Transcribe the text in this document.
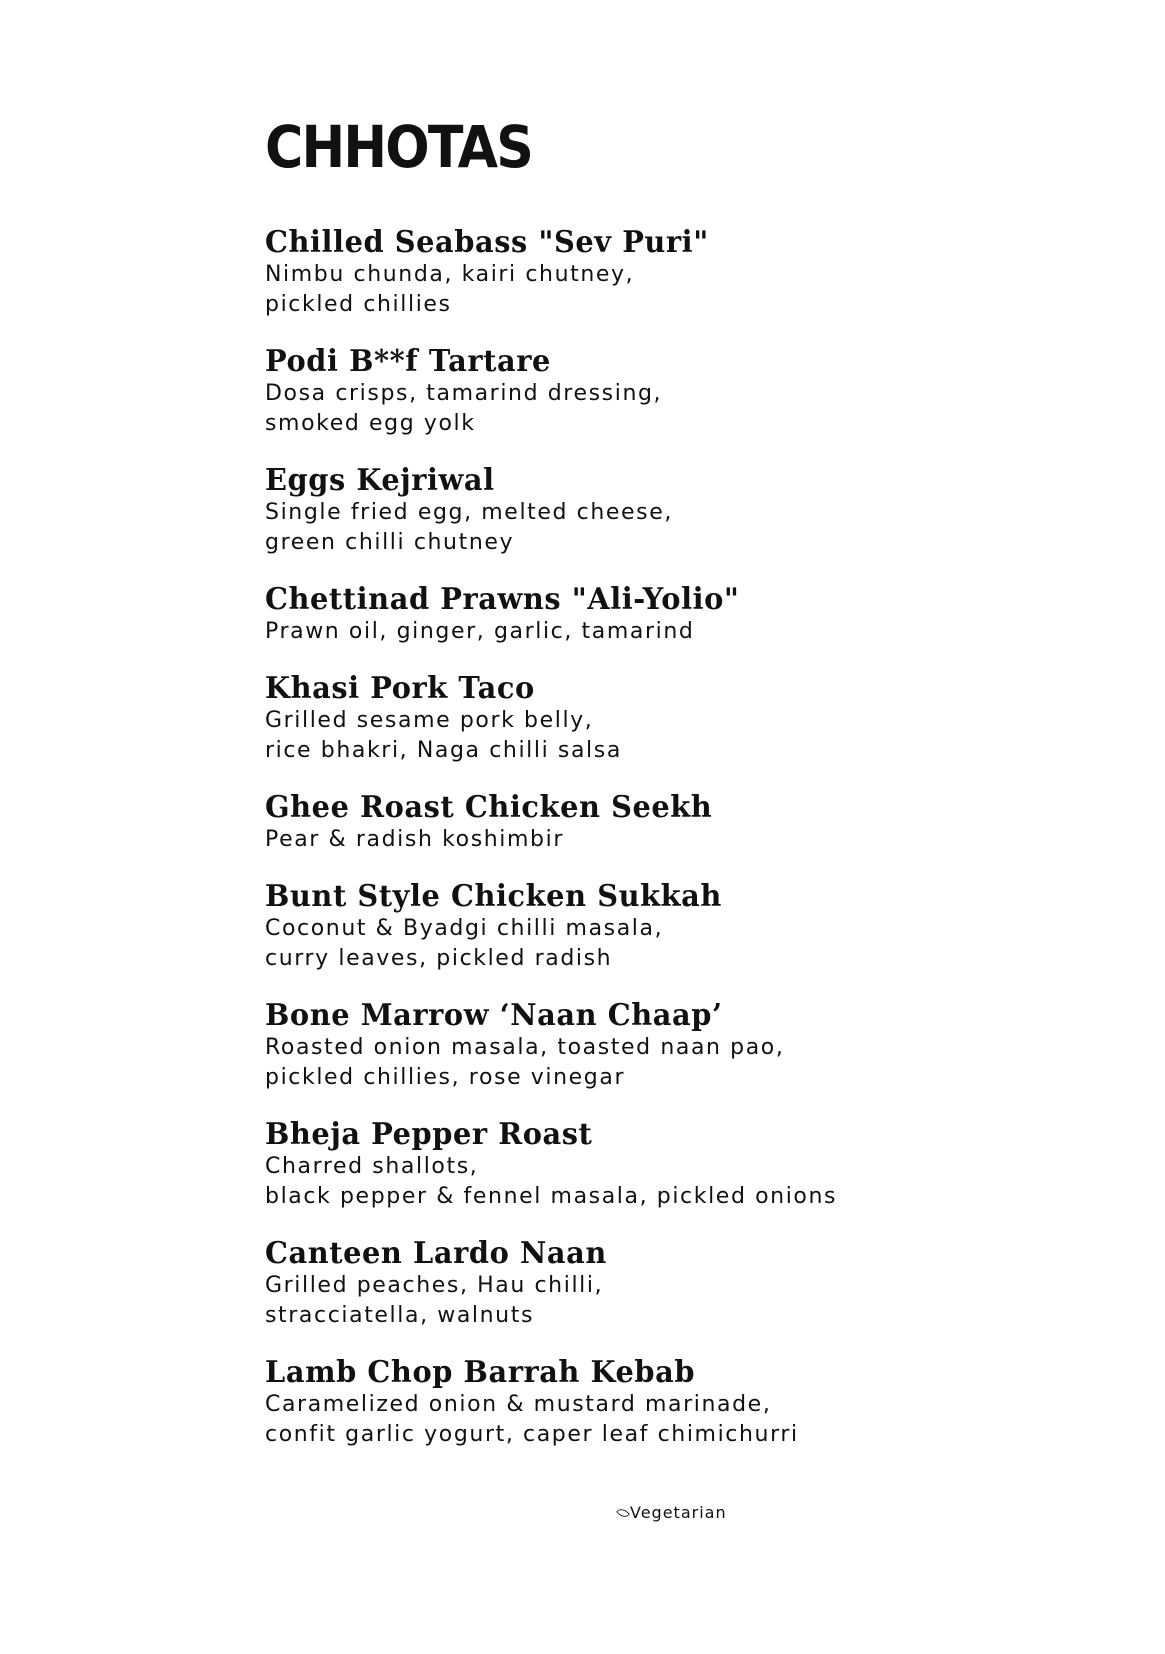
CHHOTAS
Chilled Seabass "Sev Puri"
Nimbu chunda, kairi chutney,
pickled chillies
Podi B**f Tartare
Dosa crisps, tamarind dressing,
smoked egg yolk
Eggs Kejriwal
Single fried egg, melted cheese,
green chilli chutney
Chettinad Prawns "Ali-Yolio"
Prawn oil, ginger, garlic, tamarind
Khasi Pork Taco
Grilled sesame pork belly,
rice bhakri, Naga chilli salsa
Ghee Roast Chicken Seekh
Pear & radish koshimbir
Bunt Style Chicken Sukkah
Coconut & Byadgi chilli masala,
curry leaves, pickled radish
Bone Marrow ‘Naan Chaap’
Roasted onion masala, toasted naan pao,
pickled chillies, rose vinegar
Bheja Pepper Roast
Charred shallots,
black pepper & fennel masala, pickled onions
Canteen Lardo Naan
Grilled peaches, Hau chilli,
stracciatella, walnuts
Lamb Chop Barrah Kebab
Caramelized onion & mustard marinade,
confit garlic yogurt, caper leaf chimichurri
Vegetarian
